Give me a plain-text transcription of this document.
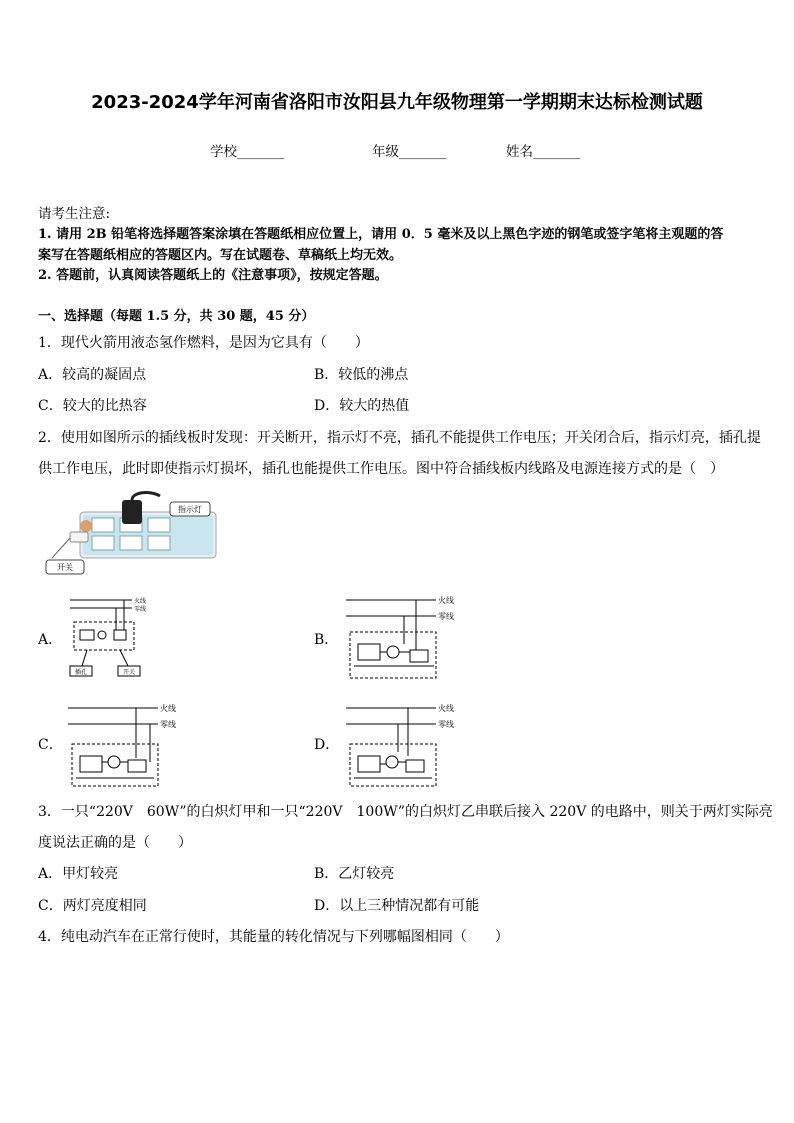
2023-2024学年河南省洛阳市汝阳县九年级物理第一学期期末达标检测试题
学校_______	年级_______	姓名_______
请考生注意:
1. 请用 2B 铅笔将选择题答案涂填在答题纸相应位置上，请用 0．5 毫米及以上黑色字迹的钢笔或签字笔将主观题的答
案写在答题纸相应的答题区内。写在试题卷、草稿纸上均无效。
2. 答题前，认真阅读答题纸上的《注意事项》，按规定答题。
一、选择题（每题 1.5 分，共 30 题，45 分）
1．现代火箭用液态氢作燃料，是因为它具有（　　）
A．较高的凝固点	B．较低的沸点
C．较大的比热容	D．较大的热值
2．使用如图所示的插线板时发现：开关断开，指示灯不亮，插孔不能提供工作电压；开关闭合后，指示灯亮，插孔提
供工作电压，此时即使指示灯损坏，插孔也能提供工作电压。图中符合插线板内线路及电源连接方式的是（　）
指示灯
开关
A．
火线
零线
插孔	开关
B．
火线
零线
C．
火线
零线
D．
火线
零线
3．一只“220V　60W”的白炽灯甲和一只“220V　100W”的白炽灯乙串联后接入 220V 的电路中，则关于两灯实际亮
度说法正确的是（　　）
A．甲灯较亮	B．乙灯较亮
C．两灯亮度相同	D．以上三种情况都有可能
4．纯电动汽车在正常行使时，其能量的转化情况与下列哪幅图相同（　　）
